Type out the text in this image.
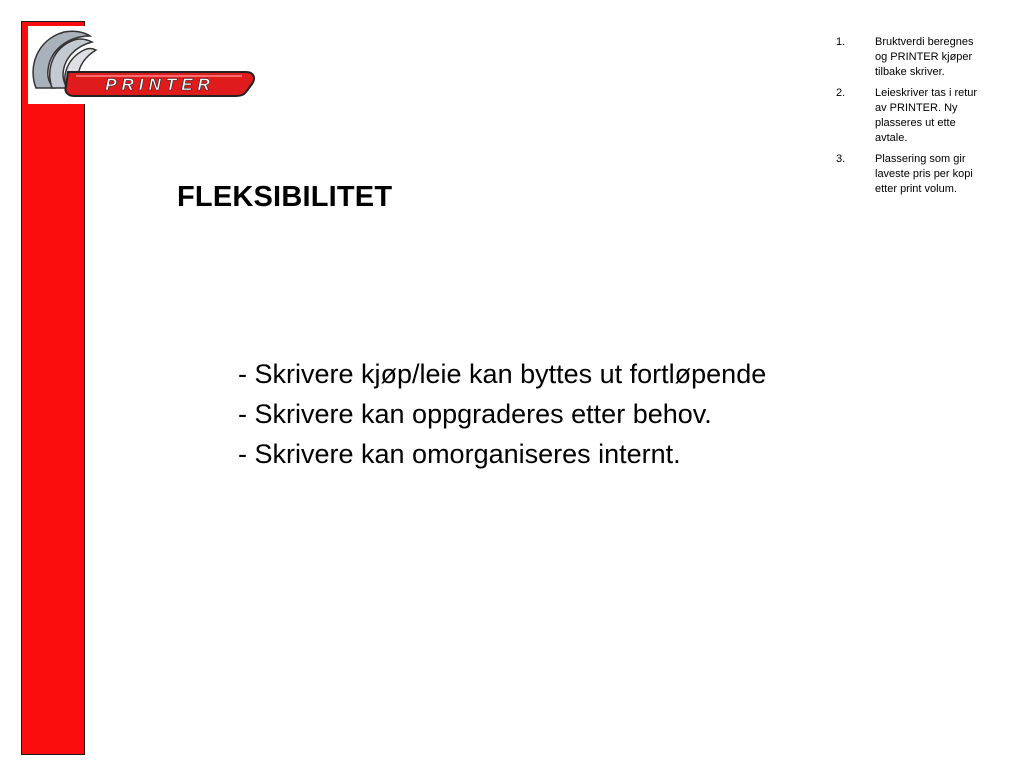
PRINTER
1.	Bruktverdi beregnes og PRINTER kjøper tilbake skriver.
2.	Leieskriver tas i retur av PRINTER. Ny plasseres ut ette avtale.
3.	Plassering som gir laveste pris per kopi etter print volum.
FLEKSIBILITET
- Skrivere kjøp/leie kan byttes ut fortløpende
- Skrivere kan oppgraderes etter behov.
- Skrivere kan omorganiseres internt.
